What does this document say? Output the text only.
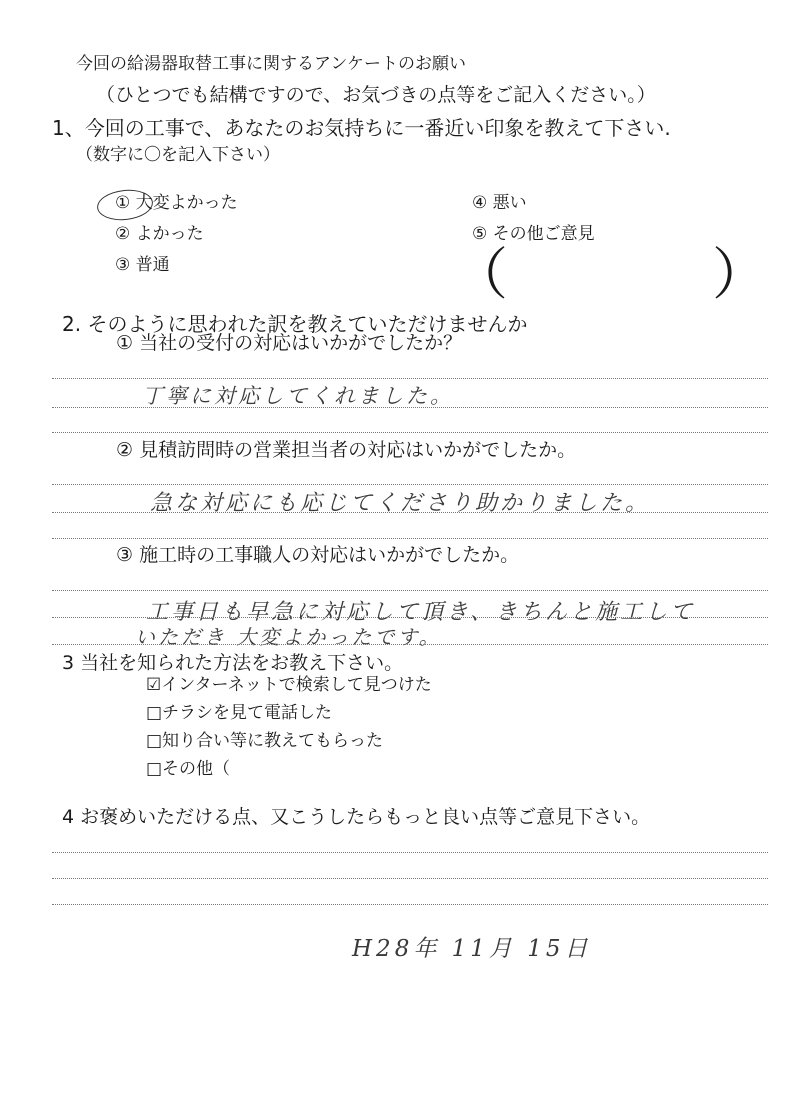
今回の給湯器取替工事に関するアンケートのお願い
（ひとつでも結構ですので、お気づきの点等をご記入ください。）
1、今回の工事で、あなたのお気持ちに一番近い印象を教えて下さい.
（数字に〇を記入下さい）
① 大変よかった
② よかった
③ 普通
④ 悪い
⑤ その他ご意見
（	）
2. そのように思われた訳を教えていただけませんか
① 当社の受付の対応はいかがでしたか？
丁寧に対応してくれました。
② 見積訪問時の営業担当者の対応はいかがでしたか。
急な対応にも応じてくださり助かりました。
③ 施工時の工事職人の対応はいかがでしたか。
工事日も早急に対応して頂き、きちんと施工して
いただき 大変よかったです。
3 当社を知られた方法をお教え下さい。
☑インターネットで検索して見つけた
□チラシを見て電話した
□知り合い等に教えてもらった
□その他（
4 お褒めいただける点、又こうしたらもっと良い点等ご意見下さい。
H28年 11月 15日
